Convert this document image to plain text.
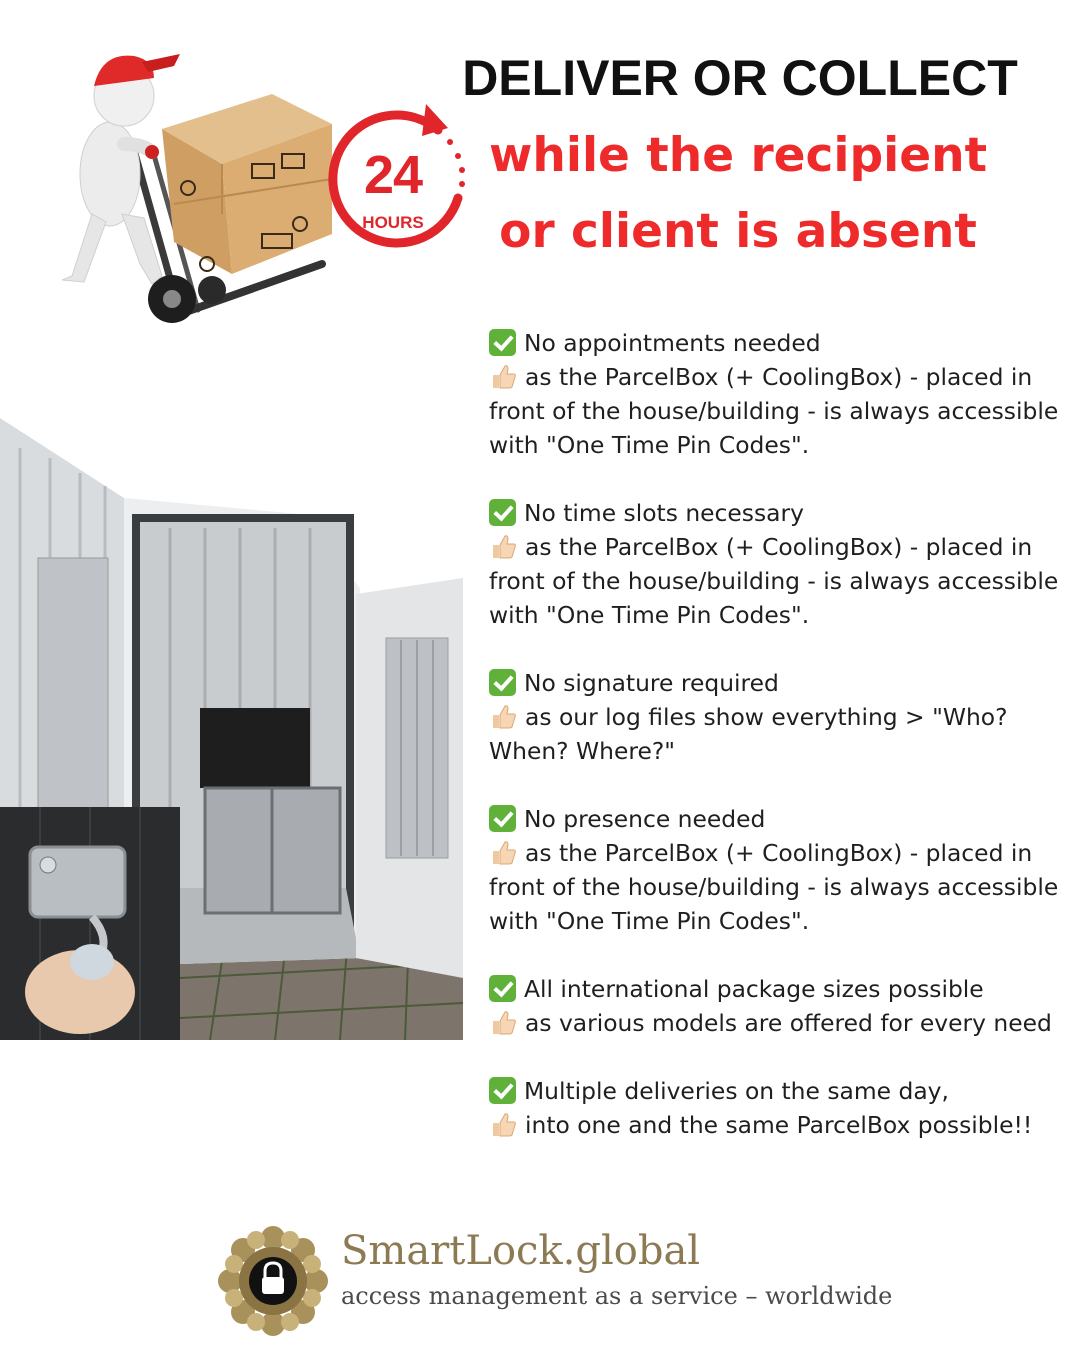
24
HOURS
DELIVER OR COLLECT
while the recipient
or client is absent

No appointments needed

as the ParcelBox (+ CoolingBox) - placed in

front of the house/building - is always accessible

with "One Time Pin Codes".

No time slots necessary

as the ParcelBox (+ CoolingBox) - placed in

front of the house/building - is always accessible

with "One Time Pin Codes".

No signature required

as our log files show everything > "Who?

When? Where?"

No presence needed

as the ParcelBox (+ CoolingBox) - placed in

front of the house/building - is always accessible

with "One Time Pin Codes".

All international package sizes possible

as various models are offered for every need

Multiple deliveries on the same day,

into one and the same ParcelBox possible!!

SmartLock.global
access management as a service – worldwide
